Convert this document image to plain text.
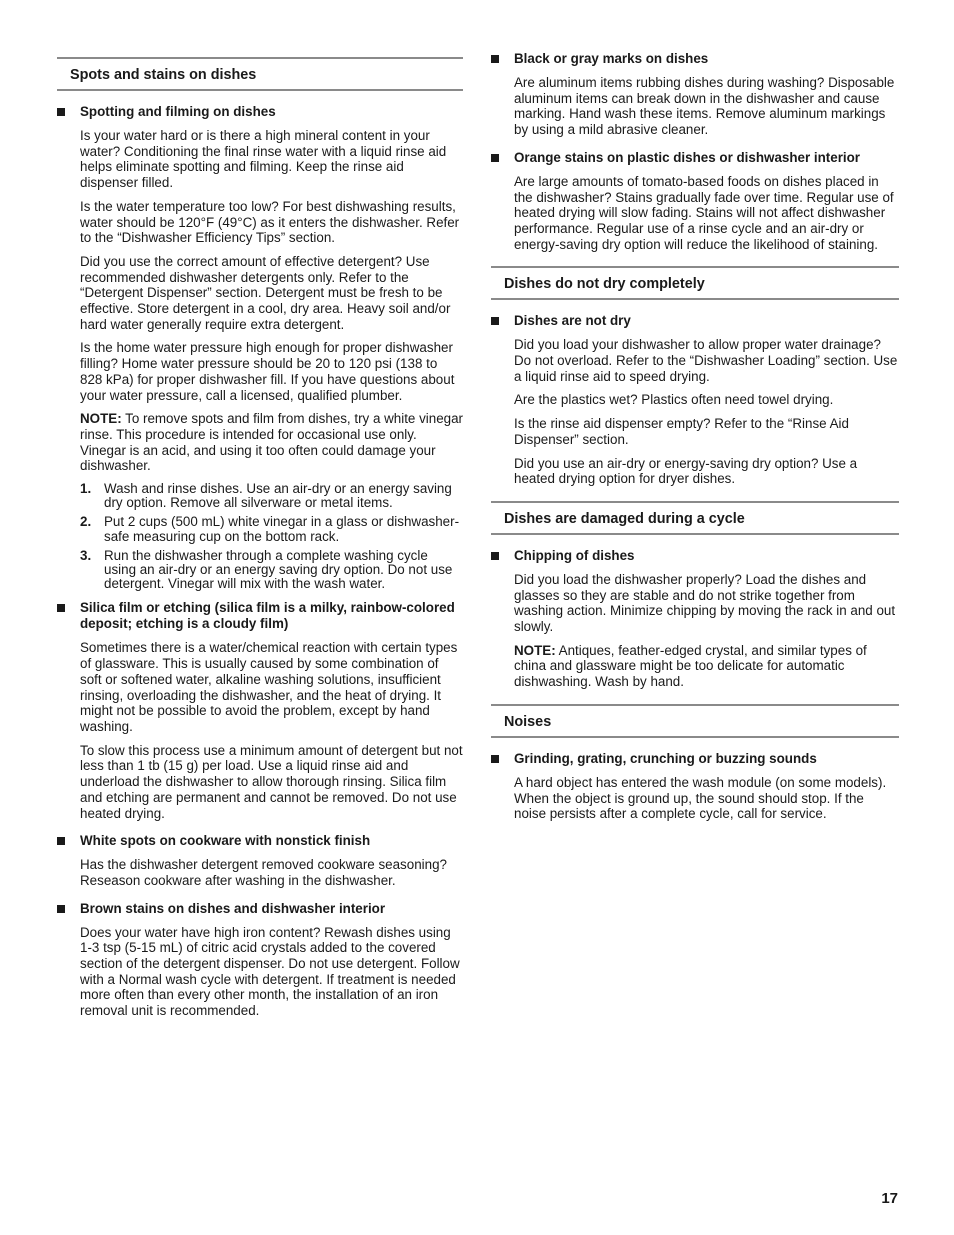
Spots and stains on dishes
Spotting and filming on dishes

Is your water hard or is there a high mineral content in your water? Conditioning the final rinse water with a liquid rinse aid helps eliminate spotting and filming. Keep the rinse aid dispenser filled.

Is the water temperature too low? For best dishwashing results, water should be 120°F (49°C) as it enters the dishwasher. Refer to the “Dishwasher Efficiency Tips” section.

Did you use the correct amount of effective detergent? Use recommended dishwasher detergents only. Refer to the “Detergent Dispenser” section. Detergent must be fresh to be effective. Store detergent in a cool, dry area. Heavy soil and/or hard water generally require extra detergent.

Is the home water pressure high enough for proper dishwasher filling? Home water pressure should be 20 to 120 psi (138 to 828 kPa) for proper dishwasher fill. If you have questions about your water pressure, call a licensed, qualified plumber.

NOTE: To remove spots and film from dishes, try a white vinegar rinse. This procedure is intended for occasional use only. Vinegar is an acid, and using it too often could damage your dishwasher.

1. Wash and rinse dishes. Use an air-dry or an energy saving dry option. Remove all silverware or metal items.
2. Put 2 cups (500 mL) white vinegar in a glass or dishwasher-safe measuring cup on the bottom rack.
3. Run the dishwasher through a complete washing cycle using an air-dry or an energy saving dry option. Do not use detergent. Vinegar will mix with the wash water.
Silica film or etching (silica film is a milky, rainbow-colored deposit; etching is a cloudy film)

Sometimes there is a water/chemical reaction with certain types of glassware. This is usually caused by some combination of soft or softened water, alkaline washing solutions, insufficient rinsing, overloading the dishwasher, and the heat of drying. It might not be possible to avoid the problem, except by hand washing.

To slow this process use a minimum amount of detergent but not less than 1 tb (15 g) per load. Use a liquid rinse aid and underload the dishwasher to allow thorough rinsing. Silica film and etching are permanent and cannot be removed. Do not use heated drying.

White spots on cookware with nonstick finish

Has the dishwasher detergent removed cookware seasoning? Reseason cookware after washing in the dishwasher.

Brown stains on dishes and dishwasher interior

Does your water have high iron content? Rewash dishes using 1-3 tsp (5-15 mL) of citric acid crystals added to the covered section of the detergent dispenser. Do not use detergent. Follow with a Normal wash cycle with detergent. If treatment is needed more often than every other month, the installation of an iron removal unit is recommended.

Black or gray marks on dishes

Are aluminum items rubbing dishes during washing? Disposable aluminum items can break down in the dishwasher and cause marking. Hand wash these items. Remove aluminum markings by using a mild abrasive cleaner.

Orange stains on plastic dishes or dishwasher interior

Are large amounts of tomato-based foods on dishes placed in the dishwasher? Stains gradually fade over time. Regular use of heated drying will slow fading. Stains will not affect dishwasher performance. Regular use of a rinse cycle and an air-dry or energy-saving dry option will reduce the likelihood of staining.

Dishes do not dry completely
Dishes are not dry

Did you load your dishwasher to allow proper water drainage? Do not overload. Refer to the “Dishwasher Loading” section. Use a liquid rinse aid to speed drying.

Are the plastics wet? Plastics often need towel drying.

Is the rinse aid dispenser empty? Refer to the “Rinse Aid Dispenser” section.

Did you use an air-dry or energy-saving dry option? Use a heated drying option for dryer dishes.

Dishes are damaged during a cycle
Chipping of dishes

Did you load the dishwasher properly? Load the dishes and glasses so they are stable and do not strike together from washing action. Minimize chipping by moving the rack in and out slowly.

NOTE: Antiques, feather-edged crystal, and similar types of china and glassware might be too delicate for automatic dishwashing. Wash by hand.

Noises
Grinding, grating, crunching or buzzing sounds

A hard object has entered the wash module (on some models). When the object is ground up, the sound should stop. If the noise persists after a complete cycle, call for service.

17
